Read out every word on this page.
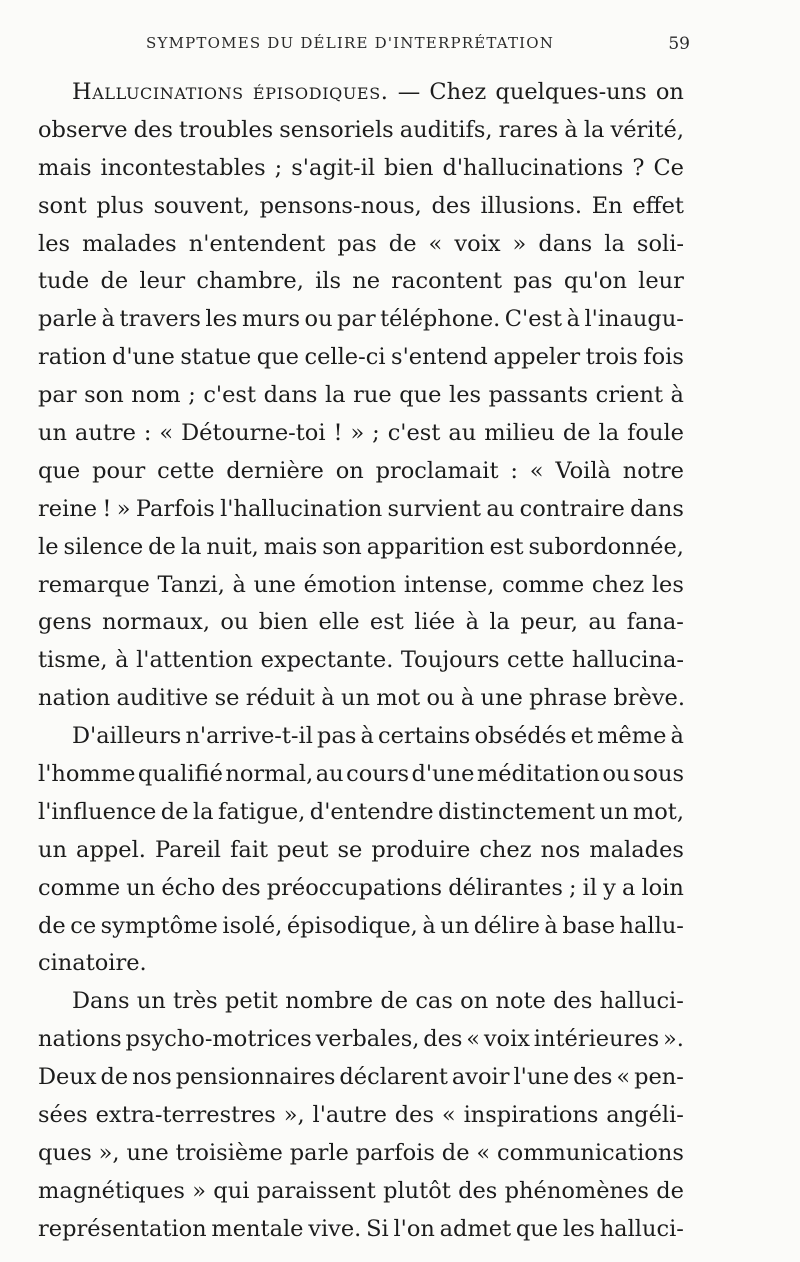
SYMPTOMES DU DÉLIRE D'INTERPRÉTATION	59
Hallucinations épisodiques. — Chez quelques-uns on
observe des troubles sensoriels auditifs, rares à la vérité,
mais incontestables ; s'agit-il bien d'hallucinations ? Ce
sont plus souvent, pensons-nous, des illusions. En effet
les malades n'entendent pas de « voix » dans la soli-
tude de leur chambre, ils ne racontent pas qu'on leur
parle à travers les murs ou par téléphone. C'est à l'inaugu-
ration d'une statue que celle-ci s'entend appeler trois fois
par son nom ; c'est dans la rue que les passants crient à
un autre : « Détourne-toi ! » ; c'est au milieu de la foule
que pour cette dernière on proclamait : « Voilà notre
reine ! » Parfois l'hallucination survient au contraire dans
le silence de la nuit, mais son apparition est subordonnée,
remarque Tanzi, à une émotion intense, comme chez les
gens normaux, ou bien elle est liée à la peur, au fana-
tisme, à l'attention expectante. Toujours cette hallucina-
nation auditive se réduit à un mot ou à une phrase brève.
D'ailleurs n'arrive-t-il pas à certains obsédés et même à
l'homme qualifié normal, au cours d'une méditation ou sous
l'influence de la fatigue, d'entendre distinctement un mot,
un appel. Pareil fait peut se produire chez nos malades
comme un écho des préoccupations délirantes ; il y a loin
de ce symptôme isolé, épisodique, à un délire à base hallu-
cinatoire.
Dans un très petit nombre de cas on note des halluci-
nations psycho-motrices verbales, des « voix intérieures ».
Deux de nos pensionnaires déclarent avoir l'une des « pen-
sées extra-terrestres », l'autre des « inspirations angéli-
ques », une troisième parle parfois de « communications
magnétiques » qui paraissent plutôt des phénomènes de
représentation mentale vive. Si l'on admet que les halluci-
